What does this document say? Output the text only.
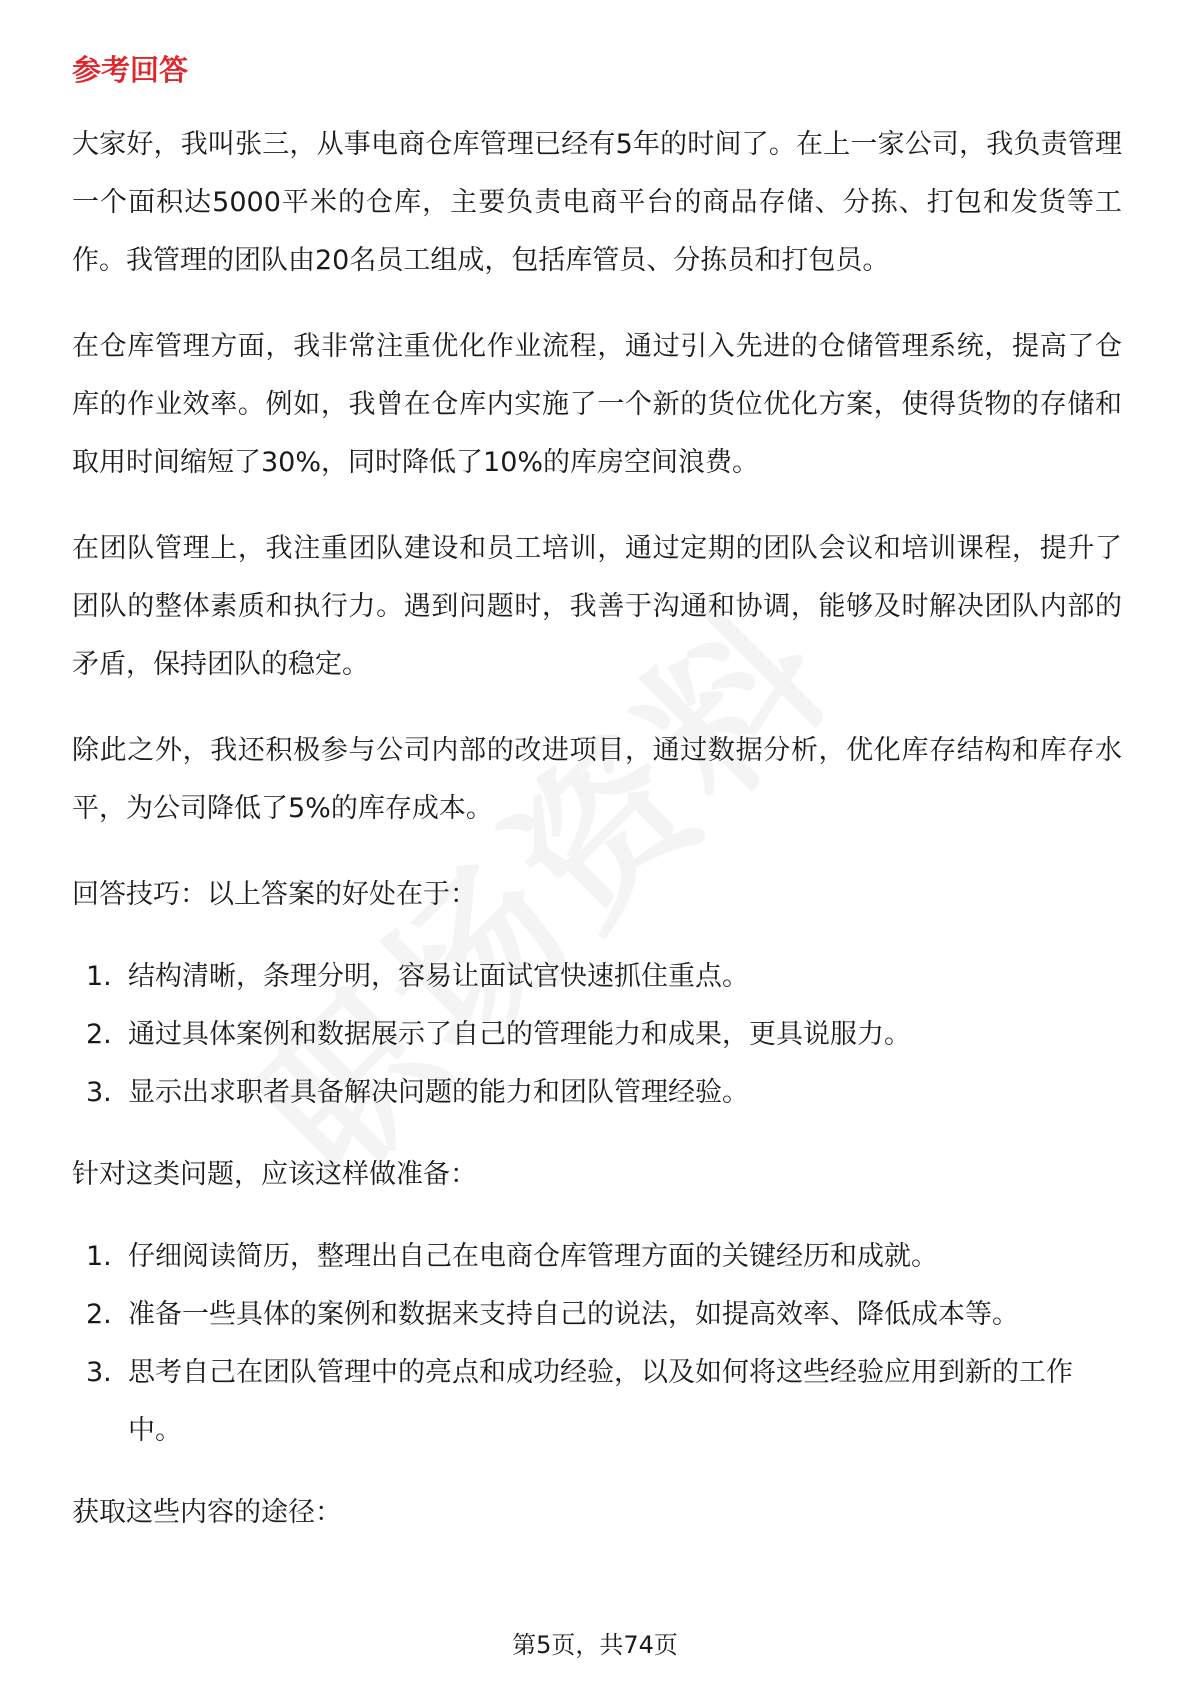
参考回答

大家好，我叫张三，从事电商仓库管理已经有5年的时间了。在上一家公司，我负责管理一个面积达5000平米的仓库，主要负责电商平台的商品存储、分拣、打包和发货等工作。我管理的团队由20名员工组成，包括库管员、分拣员和打包员。

在仓库管理方面，我非常注重优化作业流程，通过引入先进的仓储管理系统，提高了仓库的作业效率。例如，我曾在仓库内实施了一个新的货位优化方案，使得货物的存储和取用时间缩短了30%，同时降低了10%的库房空间浪费。

在团队管理上，我注重团队建设和员工培训，通过定期的团队会议和培训课程，提升了团队的整体素质和执行力。遇到问题时，我善于沟通和协调，能够及时解决团队内部的矛盾，保持团队的稳定。

除此之外，我还积极参与公司内部的改进项目，通过数据分析，优化库存结构和库存水平，为公司降低了5%的库存成本。

回答技巧：以上答案的好处在于：
1. 结构清晰，条理分明，容易让面试官快速抓住重点。
2. 通过具体案例和数据展示了自己的管理能力和成果，更具说服力。
3. 显示出求职者具备解决问题的能力和团队管理经验。
针对这类问题，应该这样做准备：
1. 仔细阅读简历，整理出自己在电商仓库管理方面的关键经历和成就。
2. 准备一些具体的案例和数据来支持自己的说法，如提高效率、降低成本等。
3. 思考自己在团队管理中的亮点和成功经验，以及如何将这些经验应用到新的工作中。
获取这些内容的途径：
第5页，共74页
